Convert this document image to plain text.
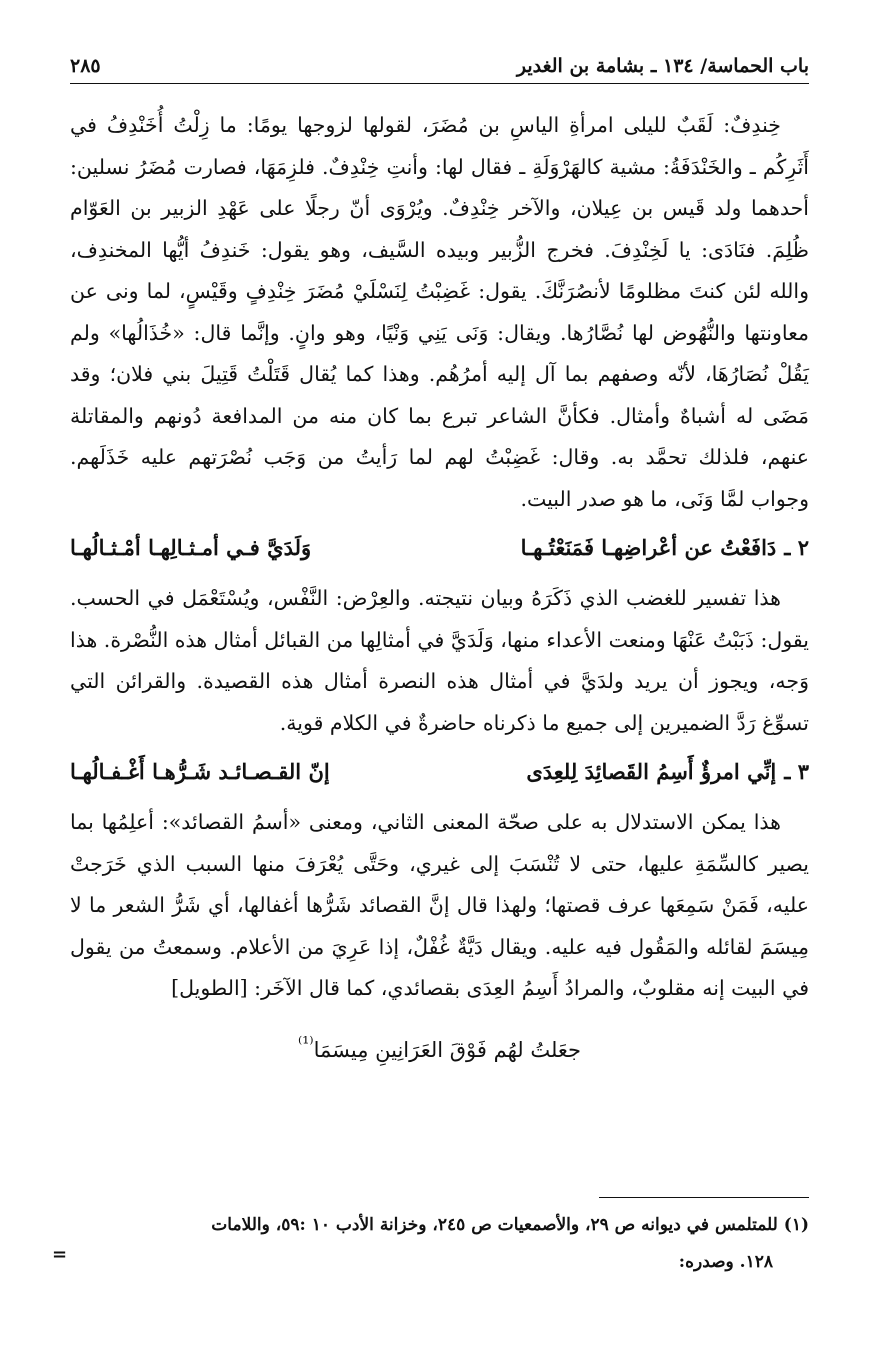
باب الحماسة/ ١٣٤ ـ بشامة بن الغدير
٢٨٥

خِندِفٌ: لَقَبٌ لليلى امرأةِ الياسِ بن مُضَرَ، لقولها لزوجها يومًا: ما زِلْتُ أُخَنْدِفُ في أَثَرِكُم ـ والخَنْدَفَةُ: مشية كالهَرْوَلَةِ ـ فقال لها: وأنتِ خِنْدِفٌ. فلزِمَهَا، فصارت مُضَرُ نسلين: أحدهما ولد قَيس بن عِيلان، والآخر خِنْدِفٌ. ويُرْوَى أنّ رجلًا على عَهْدِ الزبير بن العَوّام ظُلِمَ. فنَادَى: يا لَخِنْدِفَ. فخرج الزُّبير وبيده السَّيف، وهو يقول: خَندِفُ أيُّها المخندِف، والله لئن كنتَ مظلومًا لأنصُرَنَّكَ. يقول: غَضِبْتُ لِنَسْلَيْ مُضَرَ خِنْدِفٍ وقَيْسٍ، لما ونى عن معاونتها والنُّهُوض لها نُصَّارُها. ويقال: وَنَى يَنِي وَنْيًا، وهو وانٍ. وإنَّما قال: «خُذَالُها» ولم يَقُلْ نُصَارُهَا، لأنّه وصفهم بما آل إليه أمرُهُم. وهذا كما يُقال قَتَلْتُ قَتِيلَ بني فلان؛ وقد مَضَى له أشباهٌ وأمثال. فكأنَّ الشاعر تبرع بما كان منه من المدافعة دُونهم والمقاتلة عنهم، فلذلك تحمَّد به. وقال: غَضِبْتُ لهم لما رَأيتُ من وَجَب نُصْرَتهم عليه خَذَلَهم. وجواب لمَّا وَنَى، ما هو صدر البيت.

٢ ـ
دَافَعْتُ عن أعْراضِهـا فَمَنَعْتُـهـا
وَلَدَيَّ فـي أمـثـالِهـا أمْـثـالُهـا

هذا تفسير للغضب الذي ذَكَرَهُ وبيان نتيجته. والعِرْض: النَّفْس، ويُسْتَعْمَل في الحسب. يقول: ذَبَبْتُ عَنْهَا ومنعت الأعداء منها، وَلَدَيَّ في أمثالِها من القبائل أمثال هذه النُّصْرة. هذا وَجه، ويجوز أن يريد ولدَيَّ في أمثال هذه النصرة أمثال هذه القصيدة. والقرائن التي تسوِّغ رَدَّ الضميرين إلى جميع ما ذكرناه حاضرةٌ في الكلام قوية.

٣ ـ
إنِّي امرؤٌ أَسِمُ القَصائِدَ لِلعِدَى
إنّ القـصـائـد شَـرُّهـا أَغْـفـالُهـا

هذا يمكن الاستدلال به على صحّة المعنى الثاني، ومعنى «أسمُ القصائد»: أعلِمُها بما يصير كالسِّمَةِ عليها، حتى لا تُنْسَبَ إلى غيري، وحَتَّى يُعْرَفَ منها السبب الذي خَرَجتْ عليه، فَمَنْ سَمِعَها عرف قصتها؛ ولهذا قال إنَّ القصائد شَرُّها أغفالها، أي شَرُّ الشعر ما لا مِيسَمَ لقائله والمَقُول فيه عليه. ويقال دَيَّةٌ غُفْلٌ، إذا عَرِيَ من الأعلام. وسمعتُ من يقول في البيت إنه مقلوبٌ، والمرادُ أَسِمُ العِدَى بقصائدي، كما قال الآخَر: [الطويل]

جعَلتُ لهُم فَوْقَ العَرَانِينِ مِيسَمَا$^{^{(1)}}$
(١) للمتلمس في ديوانه ص ٢٩، والأصمعيات ص ٢٤٥، وخزانة الأدب ١٠ :٥٩، واللامات
١٢٨. وصدره:
=
